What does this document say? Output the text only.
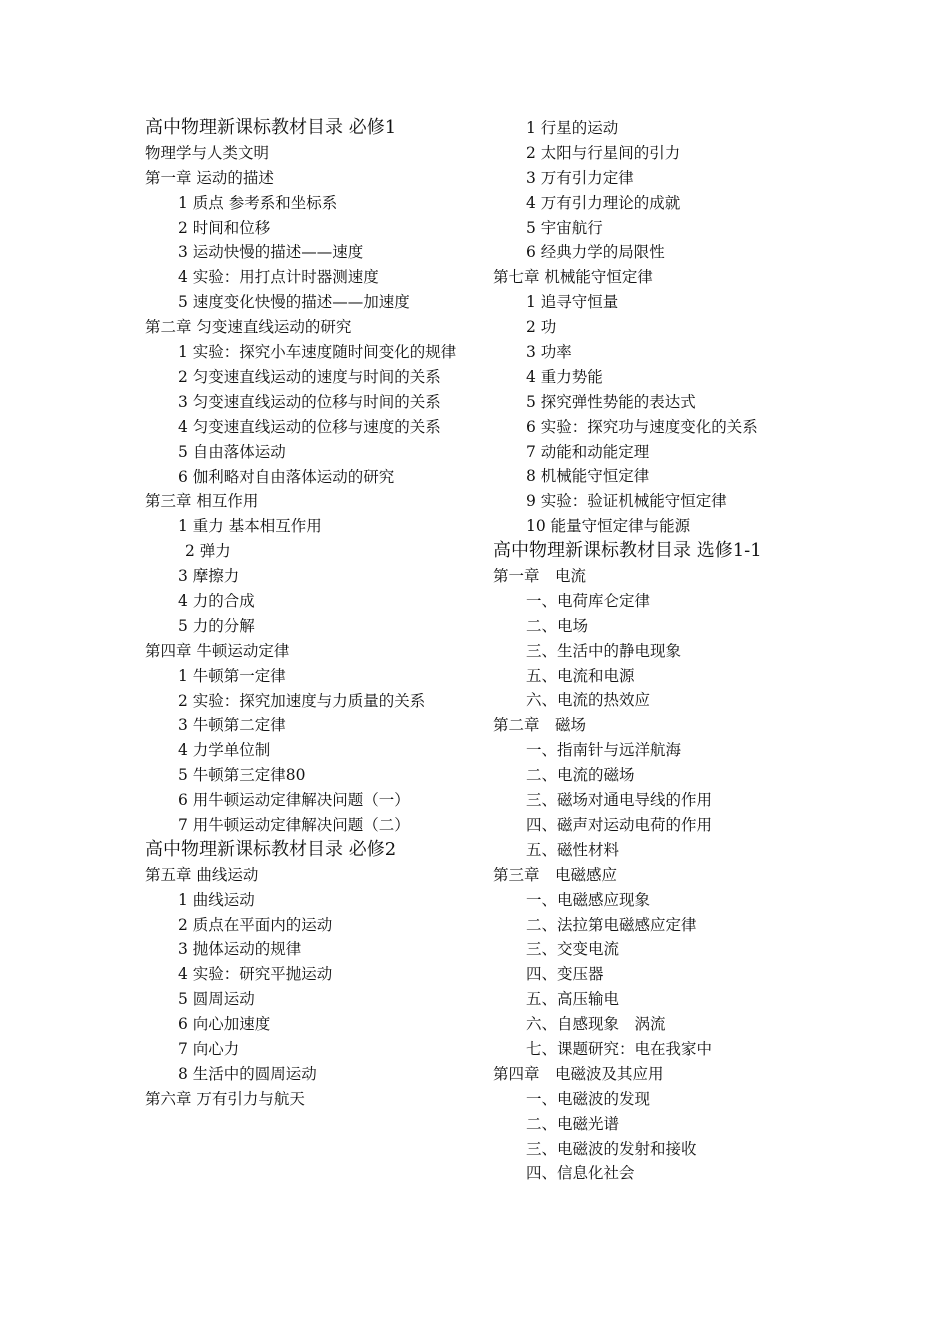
高中物理新课标教材目录 必修1
物理学与人类文明
第一章 运动的描述
1 质点 参考系和坐标系
2 时间和位移
3 运动快慢的描述——速度
4 实验：用打点计时器测速度
5 速度变化快慢的描述——加速度
第二章 匀变速直线运动的研究
1 实验：探究小车速度随时间变化的规律
2 匀变速直线运动的速度与时间的关系
3 匀变速直线运动的位移与时间的关系
4 匀变速直线运动的位移与速度的关系
5 自由落体运动
6 伽利略对自由落体运动的研究
第三章 相互作用
1 重力 基本相互作用
2 弹力
3 摩擦力
4 力的合成
5 力的分解
第四章 牛顿运动定律
1 牛顿第一定律
2 实验：探究加速度与力质量的关系
3 牛顿第二定律
4 力学单位制
5 牛顿第三定律80
6 用牛顿运动定律解决问题（一）
7 用牛顿运动定律解决问题（二）
高中物理新课标教材目录 必修2
第五章 曲线运动
1 曲线运动
2 质点在平面内的运动
3 抛体运动的规律
4 实验：研究平抛运动
5 圆周运动
6 向心加速度
7 向心力
8 生活中的圆周运动
第六章 万有引力与航天
1 行星的运动
2 太阳与行星间的引力
3 万有引力定律
4 万有引力理论的成就
5 宇宙航行
6 经典力学的局限性
第七章 机械能守恒定律
1 追寻守恒量
2 功
3 功率
4 重力势能
5 探究弹性势能的表达式
6 实验：探究功与速度变化的关系
7 动能和动能定理
8 机械能守恒定律
9 实验：验证机械能守恒定律
10 能量守恒定律与能源
高中物理新课标教材目录 选修1-1
第一章　电流
一、电荷库仑定律
二、电场
三、生活中的静电现象
五、电流和电源
六、电流的热效应
第二章　磁场
一、指南针与远洋航海
二、电流的磁场
三、磁场对通电导线的作用
四、磁声对运动电荷的作用
五、磁性材料
第三章　电磁感应
一、电磁感应现象
二、法拉第电磁感应定律
三、交变电流
四、变压器
五、高压输电
六、自感现象　涡流
七、课题研究：电在我家中
第四章　电磁波及其应用
一、电磁波的发现
二、电磁光谱
三、电磁波的发射和接收
四、信息化社会
